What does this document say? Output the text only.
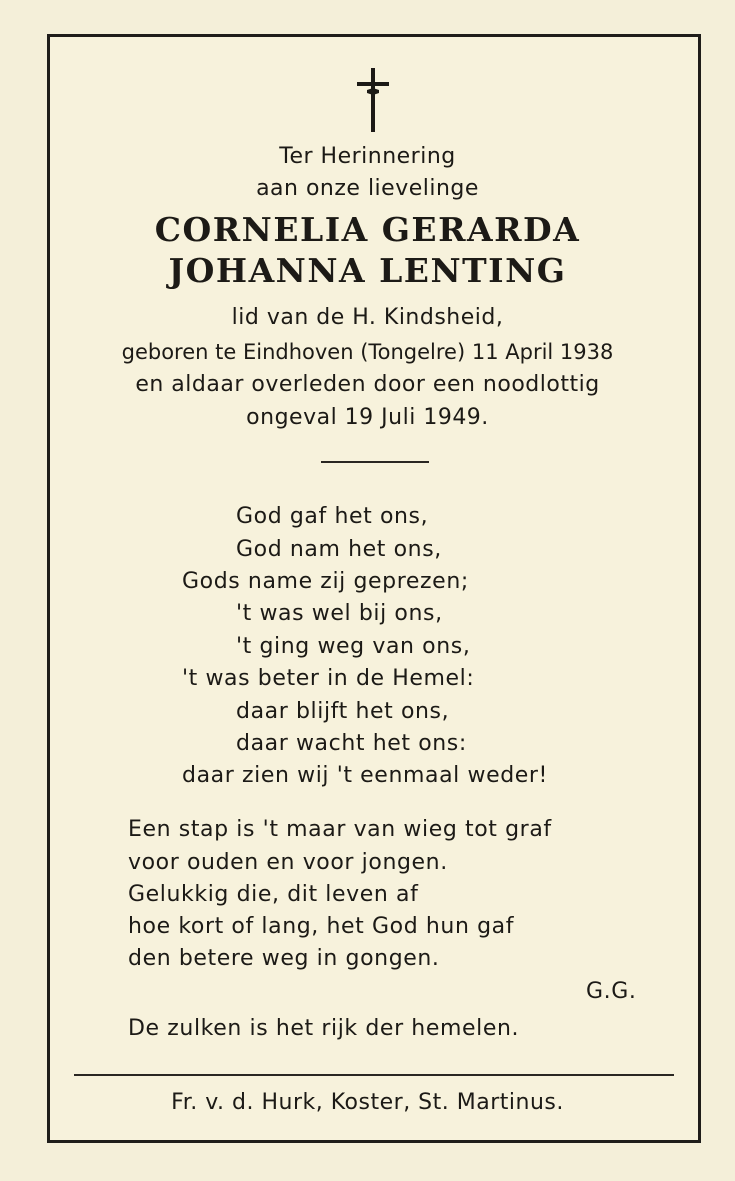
Ter Herinnering
aan onze lievelinge
CORNELIA GERARDA
JOHANNA LENTING
lid van de H. Kindsheid,
geboren te Eindhoven (Tongelre) 11 April 1938
en aldaar overleden door een noodlottig
ongeval 19 Juli 1949.
God gaf het ons,
God nam het ons,
Gods name zij geprezen;
't was wel bij ons,
't ging weg van ons,
't was beter in de Hemel:
daar blijft het ons,
daar wacht het ons:
daar zien wij 't eenmaal weder!
Een stap is 't maar van wieg tot graf
voor ouden en voor jongen.
Gelukkig die, dit leven af
hoe kort of lang, het God hun gaf
den betere weg in gongen.
G.G.
De zulken is het rijk der hemelen.
Fr. v. d. Hurk, Koster, St. Martinus.
